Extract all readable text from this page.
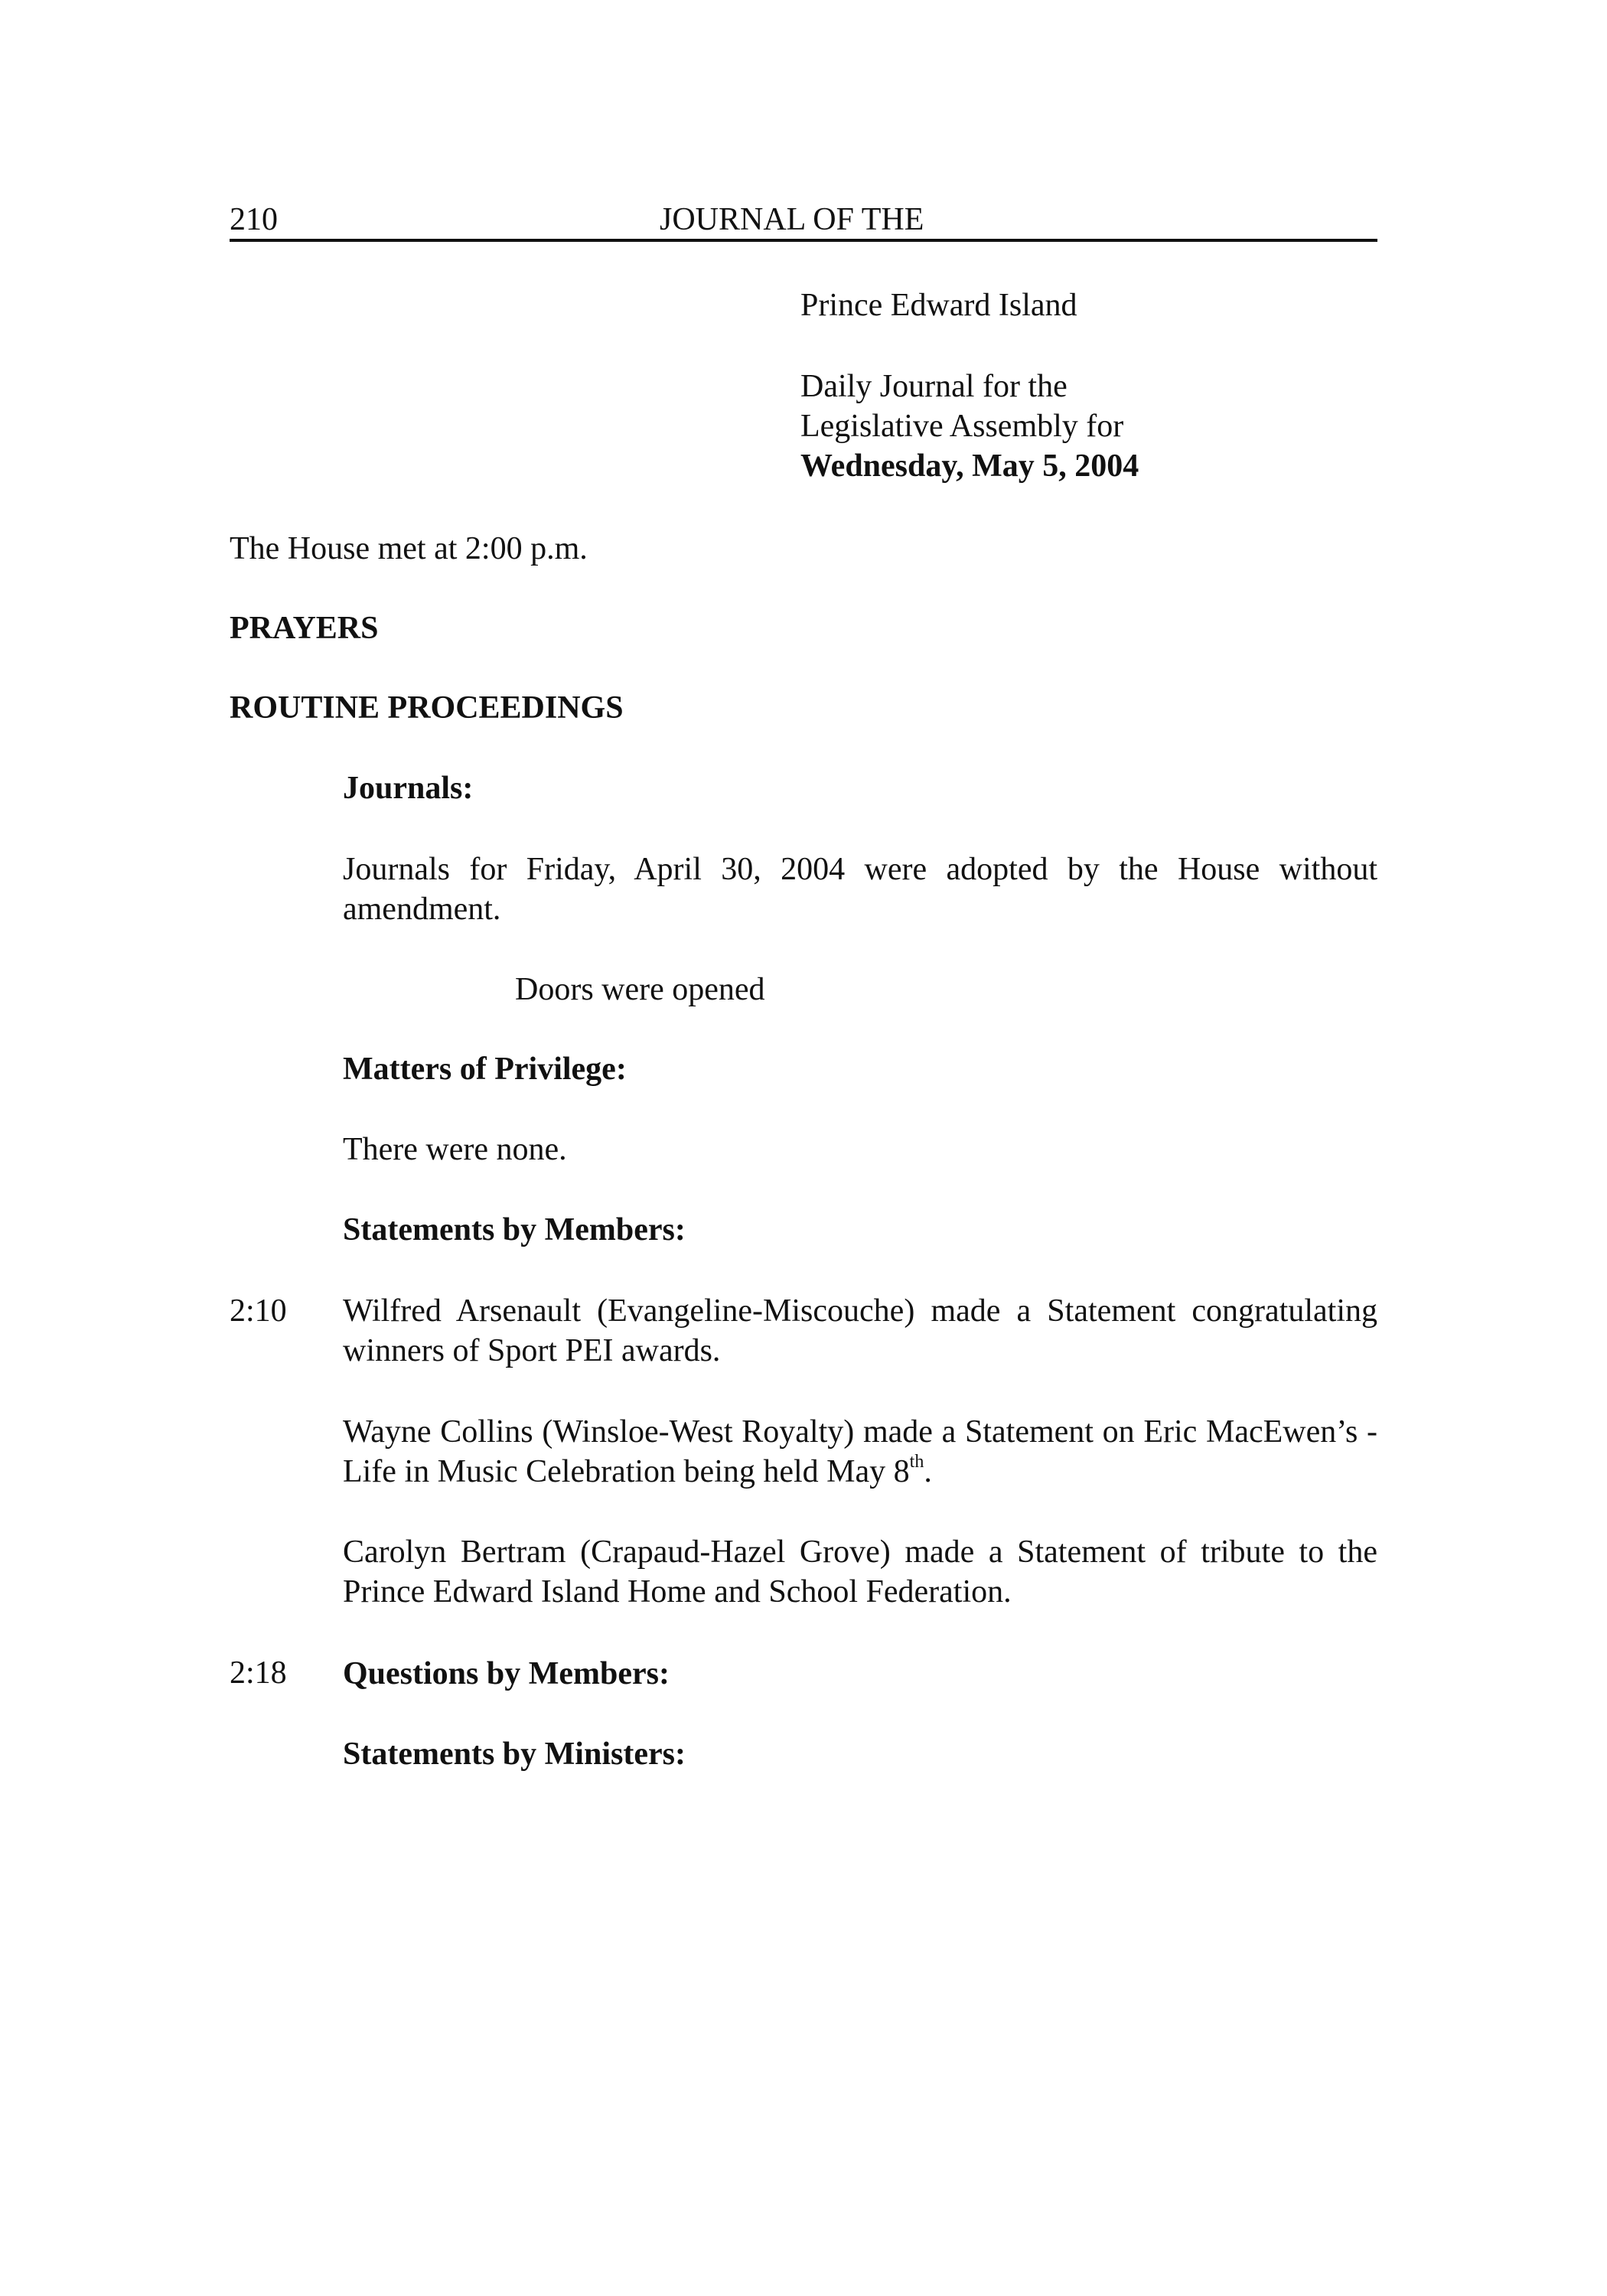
210	JOURNAL OF THE
Prince Edward Island
Daily Journal for the
Legislative Assembly for
Wednesday, May 5, 2004
The House met at 2:00 p.m.
PRAYERS
ROUTINE PROCEEDINGS
Journals:
Journals for Friday, April 30, 2004 were adopted by the House without amendment.
Doors were opened
Matters of Privilege:
There were none.
Statements by Members:
2:10 Wilfred Arsenault (Evangeline-Miscouche) made a Statement congratulating winners of Sport PEI awards.
Wayne Collins (Winsloe-West Royalty) made a Statement on Eric MacEwen’s - Life in Music Celebration being held May 8th.
Carolyn Bertram (Crapaud-Hazel Grove) made a Statement of tribute to the Prince Edward Island Home and School Federation.
2:18 Questions by Members:
Statements by Ministers:
